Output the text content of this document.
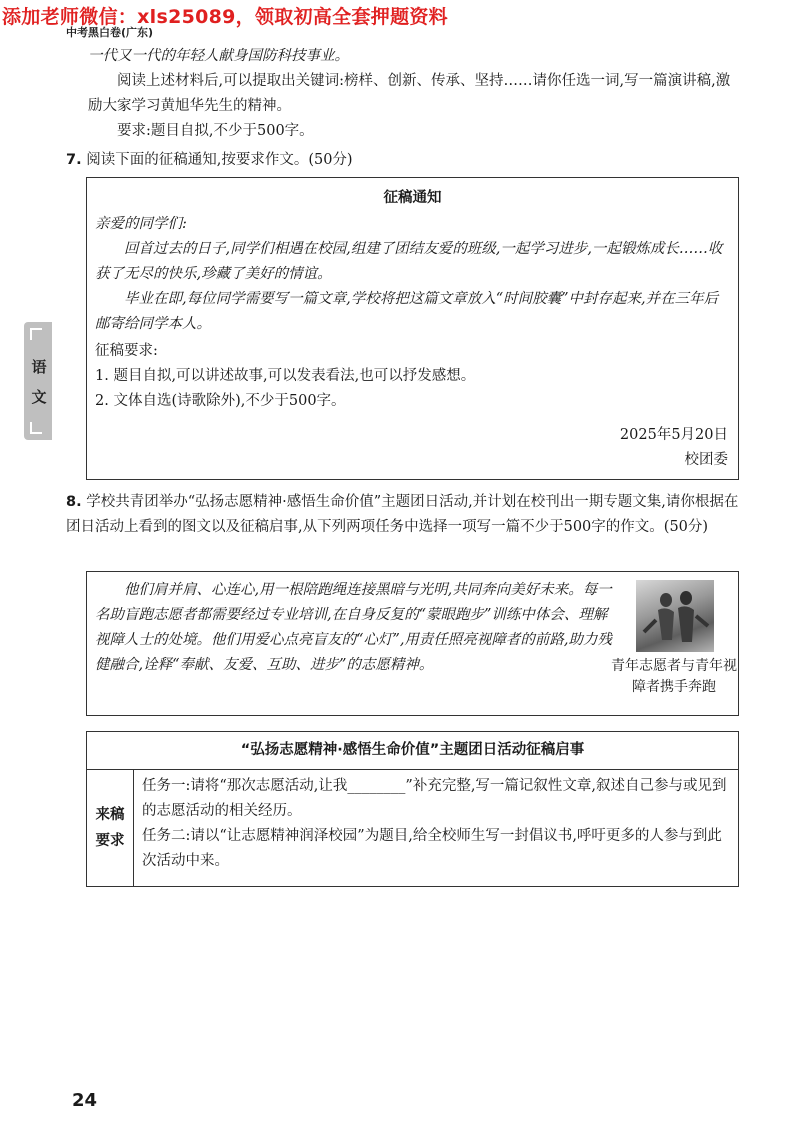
添加老师微信：xls25089，领取初高全套押题资料
中考黑白卷(广东)
一代又一代的年轻人献身国防科技事业。
阅读上述材料后,可以提取出关键词:榜样、创新、传承、坚持……请你任选一词,写一篇演讲稿,激励大家学习黄旭华先生的精神。
要求:题目自拟,不少于500字。
语
文
7. 阅读下面的征稿通知,按要求作文。(50分)
征稿通知
亲爱的同学们:
回首过去的日子,同学们相遇在校园,组建了团结友爱的班级,一起学习进步,一起锻炼成长……收获了无尽的快乐,珍藏了美好的情谊。
毕业在即,每位同学需要写一篇文章,学校将把这篇文章放入“时间胶囊”中封存起来,并在三年后邮寄给同学本人。
征稿要求:
1. 题目自拟,可以讲述故事,可以发表看法,也可以抒发感想。
2. 文体自选(诗歌除外),不少于500字。
2025年5月20日
校团委
8. 学校共青团举办“弘扬志愿精神·感悟生命价值”主题团日活动,并计划在校刊出一期专题文集,请你根据在团日活动上看到的图文以及征稿启事,从下列两项任务中选择一项写一篇不少于500字的作文。(50分)
他们肩并肩、心连心,用一根陪跑绳连接黑暗与光明,共同奔向美好未来。每一名助盲跑志愿者都需要经过专业培训,在自身反复的“蒙眼跑步”训练中体会、理解视障人士的处境。他们用爱心点亮盲友的“心灯”,用责任照亮视障者的前路,助力残健融合,诠释“奉献、友爱、互助、进步”的志愿精神。	青年志愿者与青年视障者携手奔跑
“弘扬志愿精神·感悟生命价值”主题团日活动征稿启事
来稿要求	
任务一:请将“那次志愿活动,让我________”补充完整,写一篇记叙性文章,叙述自己参与或见到的志愿活动的相关经历。
任务二:请以“让志愿精神润泽校园”为题目,给全校师生写一封倡议书,呼吁更多的人参与到此次活动中来。
24
